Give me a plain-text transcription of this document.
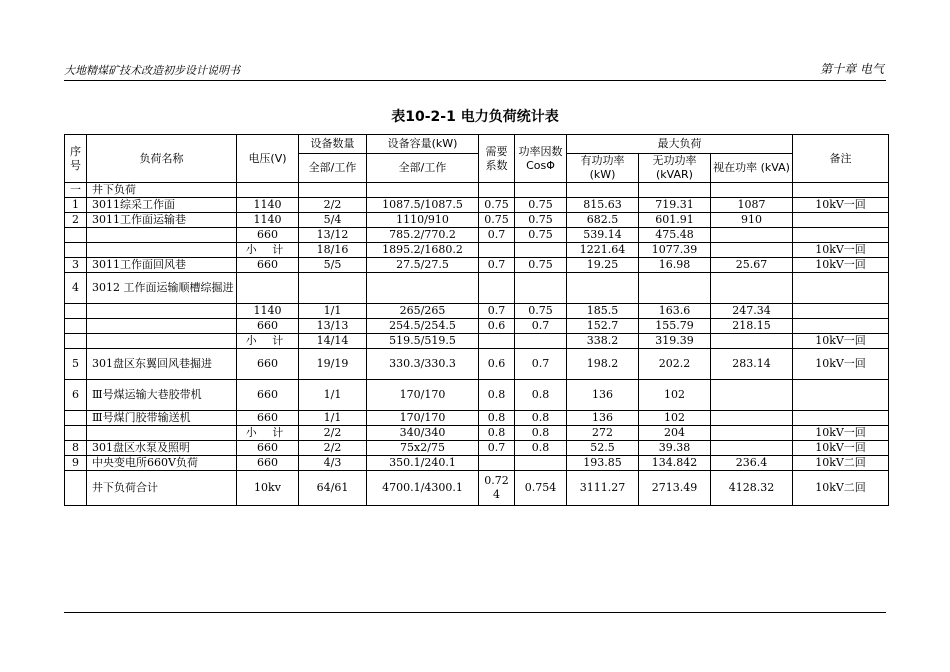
大地精煤矿技术改造初步设计说明书	第十章 电气
表10-2-1 电力负荷统计表
序号	负荷名称	电压(V)	设备数量	设备容量(kW)	需要系数	功率因数 CosΦ	最大负荷			备注
			全部/工作	全部/工作			有功功率 (kW)	无功功率 (kVAR)	视在功率 (kVA)	

一	井下负荷									
1	3011综采工作面	1140	2/2	1087.5/1087.5	0.75	0.75	815.63	719.31	1087	10kV一回
2	3011工作面运输巷	1140	5/4	1110/910	0.75	0.75	682.5	601.91	910	
		660	13/12	785.2/770.2	0.7	0.75	539.14	475.48		
		小 计	18/16	1895.2/1680.2			1221.64	1077.39		10kV一回
3	3011工作面回风巷	660	5/5	27.5/27.5	0.7	0.75	19.25	16.98	25.67	10kV一回
4	3012 工作面运输顺槽综掘进									
		1140	1/1	265/265	0.7	0.75	185.5	163.6	247.34	
		660	13/13	254.5/254.5	0.6	0.7	152.7	155.79	218.15	
		小 计	14/14	519.5/519.5			338.2	319.39		10kV一回
5	301盘区东翼回风巷掘进	660	19/19	330.3/330.3	0.6	0.7	198.2	202.2	283.14	10kV一回
6	Ⅲ号煤运输大巷胶带机	660	1/1	170/170	0.8	0.8	136	102		
	Ⅲ号煤门胶带输送机	660	1/1	170/170	0.8	0.8	136	102		
		小 计	2/2	340/340	0.8	0.8	272	204		10kV一回
8	301盘区水泵及照明	660	2/2	75x2/75	0.7	0.8	52.5	39.38		10kV一回
9	中央变电所660V负荷	660	4/3	350.1/240.1			193.85	134.842	236.4	10kV二回
	井下负荷合计	10kv	64/61	4700.1/4300.1	0.724	0.754	3111.27	2713.49	4128.32	10kV二回
